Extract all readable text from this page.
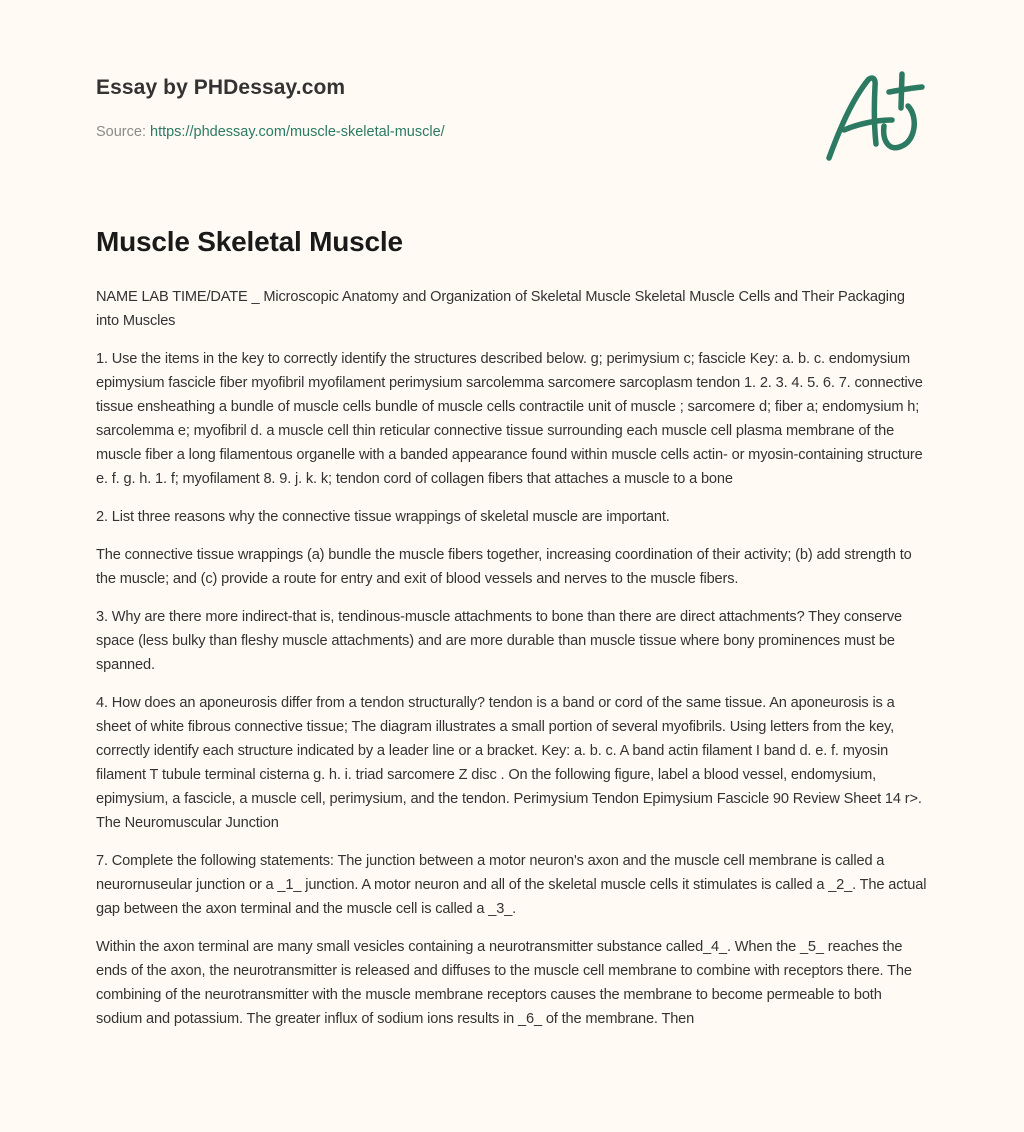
Essay by PHDessay.com
Source: https://phdessay.com/muscle-skeletal-muscle/
Muscle Skeletal Muscle

NAME LAB TIME/DATE _ Microscopic Anatomy and Organization of Skeletal Muscle Skeletal Muscle Cells and Their Packaging into Muscles

1. Use the items in the key to correctly identify the structures described below. g; perimysium c; fascicle Key: a. b. c. endomysium epimysium fascicle fiber myofibril myofilament perimysium sarcolemma sarcomere sarcoplasm tendon 1. 2. 3. 4. 5. 6. 7. connective tissue ensheathing a bundle of muscle cells bundle of muscle cells contractile unit of muscle ; sarcomere d; fiber a; endomysium h; sarcolemma e; myofibril d. a muscle cell thin reticular connective tissue surrounding each muscle cell plasma membrane of the muscle fiber a long filamentous organelle with a banded appearance found within muscle cells actin- or myosin-containing structure e. f. g. h. 1. f; myofilament 8. 9. j. k. k; tendon cord of collagen fibers that attaches a muscle to a bone

2. List three reasons why the connective tissue wrappings of skeletal muscle are important.

The connective tissue wrappings (a) bundle the muscle fibers together, increasing coordination of their activity; (b) add strength to the muscle; and (c) provide a route for entry and exit of blood vessels and nerves to the muscle fibers.

3. Why are there more indirect-that is, tendinous-muscle attachments to bone than there are direct attachments? They conserve space (less bulky than fleshy muscle attachments) and are more durable than muscle tissue where bony prominences must be spanned.

4. How does an aponeurosis differ from a tendon structurally? tendon is a band or cord of the same tissue. An aponeurosis is a sheet of white fibrous connective tissue; The diagram illustrates a small portion of several myofibrils. Using letters from the key, correctly identify each structure indicated by a leader line or a bracket. Key: a. b. c. A band actin filament I band d. e. f. myosin filament T tubule terminal cisterna g. h. i. triad sarcomere Z disc . On the following figure, label a blood vessel, endomysium, epimysium, a fascicle, a muscle cell, perimysium, and the tendon. Perimysium Tendon Epimysium Fascicle 90 Review Sheet 14 r>. The Neuromuscular Junction

7. Complete the following statements: The junction between a motor neuron's axon and the muscle cell membrane is called a neurornuseular junction or a _1_ junction. A motor neuron and all of the skeletal muscle cells it stimulates is called a _2_. The actual gap between the axon terminal and the muscle cell is called a _3_.

Within the axon terminal are many small vesicles containing a neurotransmitter substance called_4_. When the _5_ reaches the ends of the axon, the neurotransmitter is released and diffuses to the muscle cell membrane to combine with receptors there. The combining of the neurotransmitter with the muscle membrane receptors causes the membrane to become permeable to both sodium and potassium. The greater influx of sodium ions results in _6_ of the membrane. Then
